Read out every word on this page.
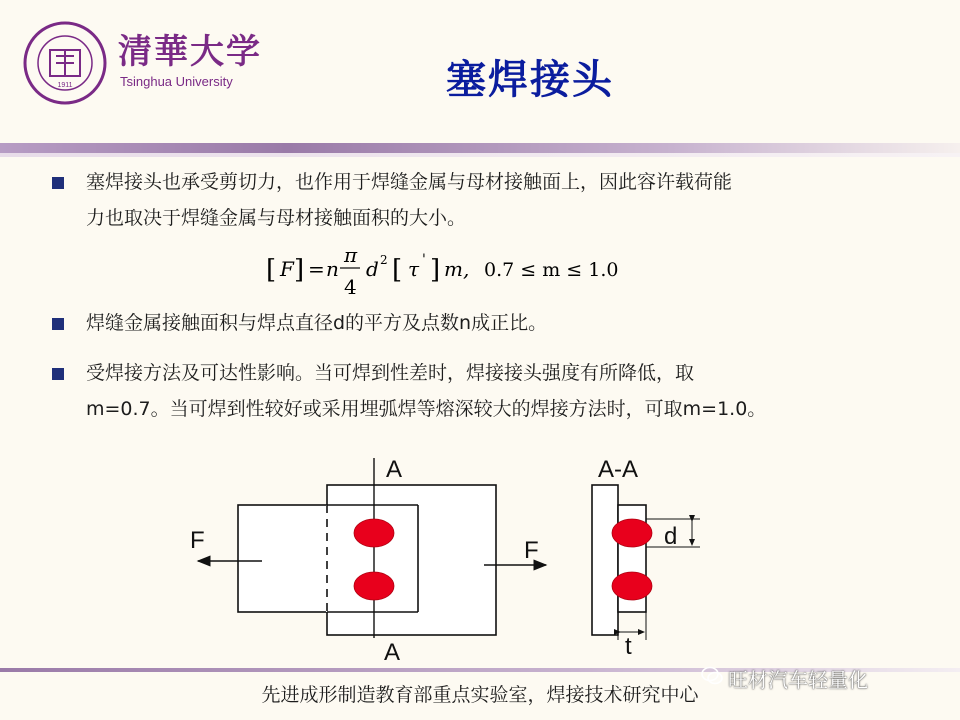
1911
清華大学
Tsinghua University	塞焊接头
塞焊接头也承受剪切力，也作用于焊缝金属与母材接触面上，因此容许载荷能
力也取决于焊缝金属与母材接触面积的大小。
[ F ] = n
π
4
d 2 [ τ ' ] m, 0.7 ≤ m ≤ 1.0
焊缝金属接触面积与焊点直径d的平方及点数n成正比。
受焊接方法及可达性影响。当可焊到性差时，焊接接头强度有所降低，取
m=0.7。当可焊到性较好或采用埋弧焊等熔深较大的焊接方法时，可取m=1.0。
A
A
F	F
A-A
d
t
先进成形制造教育部重点实验室，焊接技术研究中心
旺材汽车轻量化
